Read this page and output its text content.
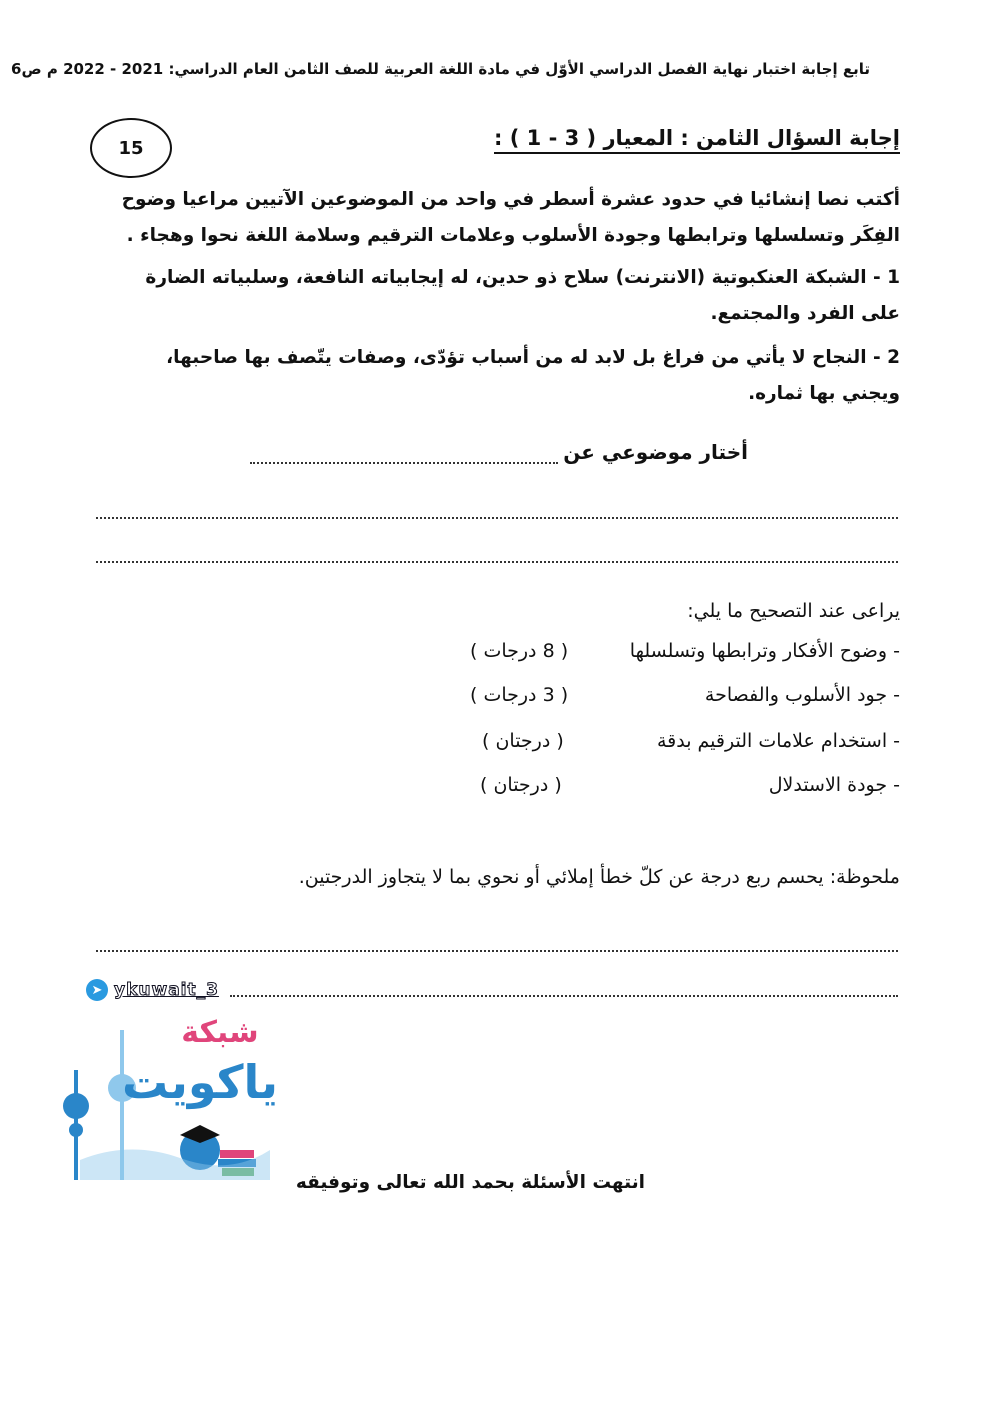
تابع إجابة اختبار نهاية الفصل الدراسي الأوّل في مادة اللغة العربية للصف الثامن العام الدراسي: 2021 - 2022 م ص6
15	إجابة السؤال الثامن : المعيار ( 3 - 1 ) :
أكتب نصا إنشائيا في حدود عشرة أسطر في واحد من الموضوعين الآتيين مراعيا وضوح الفِكَر وتسلسلها وترابطها وجودة الأسلوب وعلامات الترقيم وسلامة اللغة نحوا وهجاء .
1 - الشبكة العنكبوتية (الانترنت) سلاح ذو حدين، له إيجابياته النافعة، وسلبياته الضارة على الفرد والمجتمع.
2 - النجاح لا يأتي من فراغ بل لابد له من أسباب تؤدّى، وصفات يتّصف بها صاحبها، ويجني بها ثماره.
أختار موضوعي عن
يراعى عند التصحيح ما يلي:
- وضوح الأفكار وترابطها وتسلسلها
( 8 درجات )
- جود الأسلوب والفصاحة
( 3 درجات )
- استخدام علامات الترقيم بدقة
( درجتان )
- جودة الاستدلال
( درجتان )
ملحوظة: يحسم ربع درجة عن كلّ خطأ إملائي أو نحوي بما لا يتجاوز الدرجتين.
➤ ykuwait_3
شبكة
ياكويت
انتهت الأسئلة بحمد الله تعالى وتوفيقه
